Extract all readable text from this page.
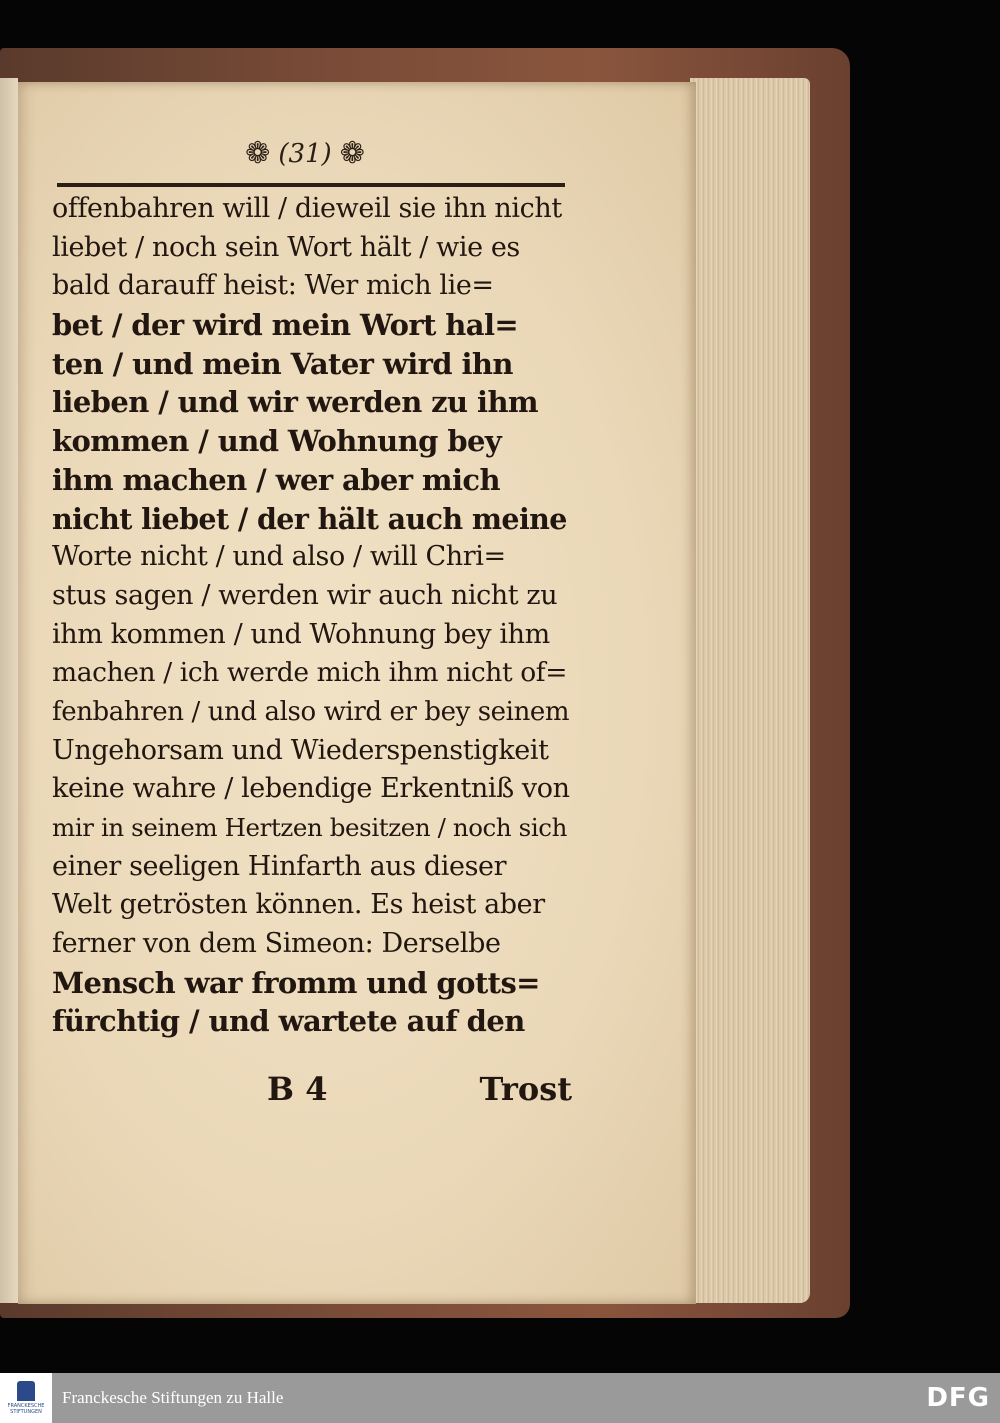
❁ (31) ❁
offenbahren will / dieweil sie ihn nicht
liebet / noch sein Wort hält / wie es
bald darauff heist: Wer mich lie=
bet / der wird mein Wort hal=
ten / und mein Vater wird ihn
lieben / und wir werden zu ihm
kommen / und Wohnung bey
ihm machen / wer aber mich
nicht liebet / der hält auch meine
Worte nicht / und also / will Chri=
stus sagen / werden wir auch nicht zu
ihm kommen / und Wohnung bey ihm
machen / ich werde mich ihm nicht of=
fenbahren / und also wird er bey seinem
Ungehorsam und Wiederspenstigkeit
keine wahre / lebendige Erkentniß von
mir in seinem Hertzen besitzen / noch sich
einer seeligen Hinfarth aus dieser
Welt getrösten können. Es heist aber
ferner von dem Simeon: Derselbe
Mensch war fromm und gotts=
fürchtig / und wartete auf den
B 4	Trost
FRANCKESCHE STIFTUNGEN
Franckesche Stiftungen zu Halle	DFG
